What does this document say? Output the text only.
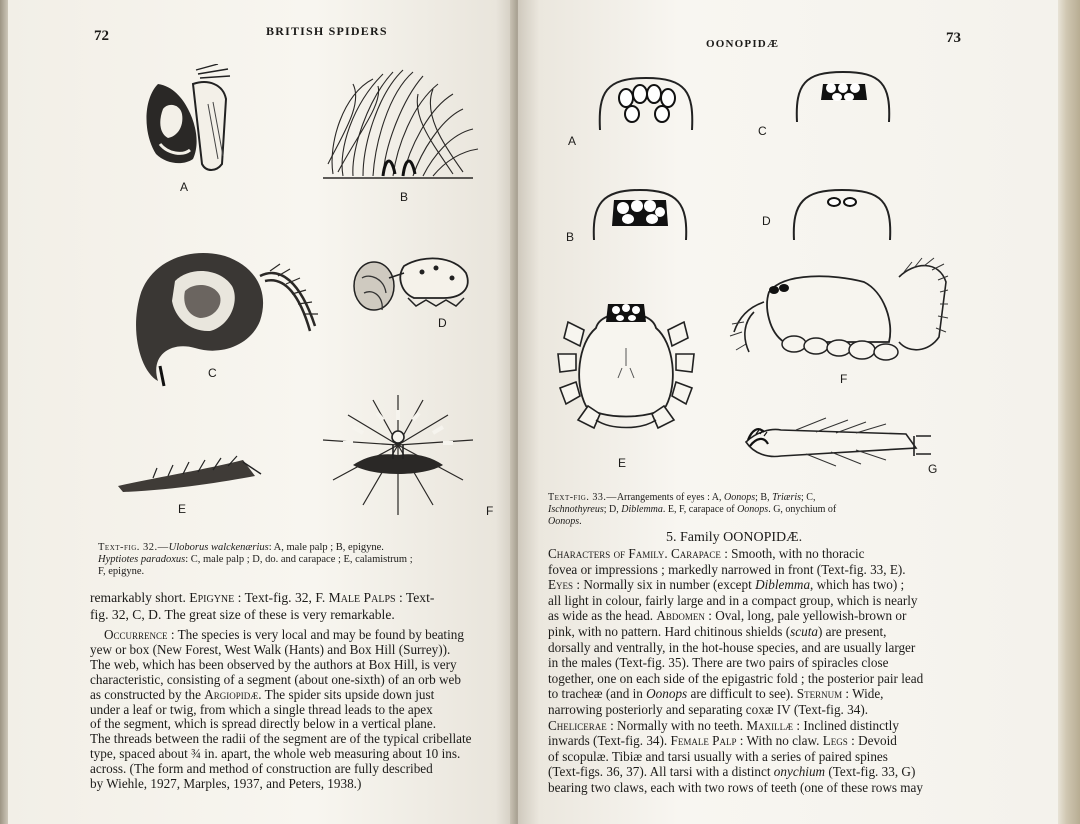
72	BRITISH SPIDERS
A
B
C
D
E	F
Text-fig. 32.—Uloborus walckenærius: A, male palp ; B, epigyne.
Hyptiotes paradoxus: C, male palp ; D, do. and carapace ; E, calamistrum ;
F, epigyne.
remarkably short. Epigyne : Text-fig. 32, F. Male Palps : Text-
fig. 32, C, D. The great size of these is very remarkable.
Occurrence : The species is very local and may be found by beating
yew or box (New Forest, West Walk (Hants) and Box Hill (Surrey)).
The web, which has been observed by the authors at Box Hill, is very
characteristic, consisting of a segment (about one-sixth) of an orb web
as constructed by the Argiopidæ. The spider sits upside down just
under a leaf or twig, from which a single thread leads to the apex
of the segment, which is spread directly below in a vertical plane.
The threads between the radii of the segment are of the typical cribellate
type, spaced about ¾ in. apart, the whole web measuring about 10 ins.
across. (The form and method of construction are fully described
by Wiehle, 1927, Marples, 1937, and Peters, 1938.)
OONOPIDÆ	73
A
C
B
D
E
F
G
Text-fig. 33.—Arrangements of eyes : A, Oonops; B, Triæris; C,
Ischnothyreus; D, Diblemma. E, F, carapace of Oonops. G, onychium of
Oonops.
5. Family OONOPIDÆ.
Characters of Family. Carapace : Smooth, with no thoracic
fovea or impressions ; markedly narrowed in front (Text-fig. 33, E).
Eyes : Normally six in number (except Diblemma, which has two) ;
all light in colour, fairly large and in a compact group, which is nearly
as wide as the head. Abdomen : Oval, long, pale yellowish-brown or
pink, with no pattern. Hard chitinous shields (scuta) are present,
dorsally and ventrally, in the hot-house species, and are usually larger
in the males (Text-fig. 35). There are two pairs of spiracles close
together, one on each side of the epigastric fold ; the posterior pair lead
to tracheæ (and in Oonops are difficult to see). Sternum : Wide,
narrowing posteriorly and separating coxæ IV (Text-fig. 34).
Chelicerae : Normally with no teeth. Maxillæ : Inclined distinctly
inwards (Text-fig. 34). Female Palp : With no claw. Legs : Devoid
of scopulæ. Tibiæ and tarsi usually with a series of paired spines
(Text-figs. 36, 37). All tarsi with a distinct onychium (Text-fig. 33, G)
bearing two claws, each with two rows of teeth (one of these rows may
